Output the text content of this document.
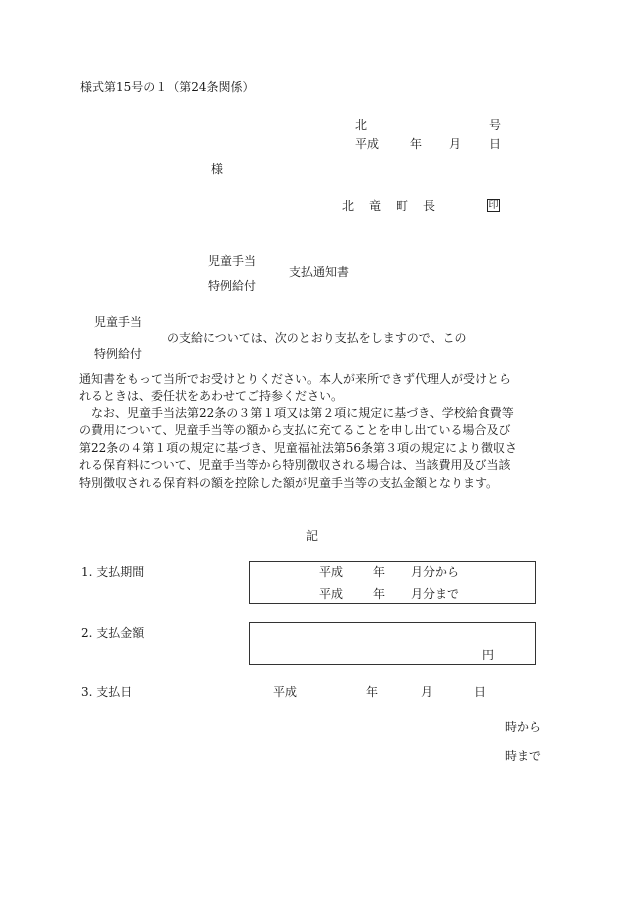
様式第15号の１（第24条関係）
北	号
平成	年 月 日
様
北 竜 町 長	印
児童手当
特例給付
支払通知書
児童手当
特例給付
の支給については、次のとおり支払をしますので、この
通知書をもって当所でお受けとりください。本人が来所できず代理人が受けとられるときは、委任状をあわせてご持参ください。
　なお、児童手当法第22条の３第１項又は第２項に規定に基づき、学校給食費等の費用について、児童手当等の額から支払に充てることを申し出ている場合及び第22条の４第１項の規定に基づき、児童福祉法第56条第３項の規定により徴収される保育料について、児童手当等から特別徴収される場合は、当該費用及び当該特別徴収される保育料の額を控除した額が児童手当等の支払金額となります。
記
1. 支払期間	平成 年 月分から
平成 年 月分まで
2. 支払金額
円
3. 支払日	平成	年	月	日
時から
時まで
